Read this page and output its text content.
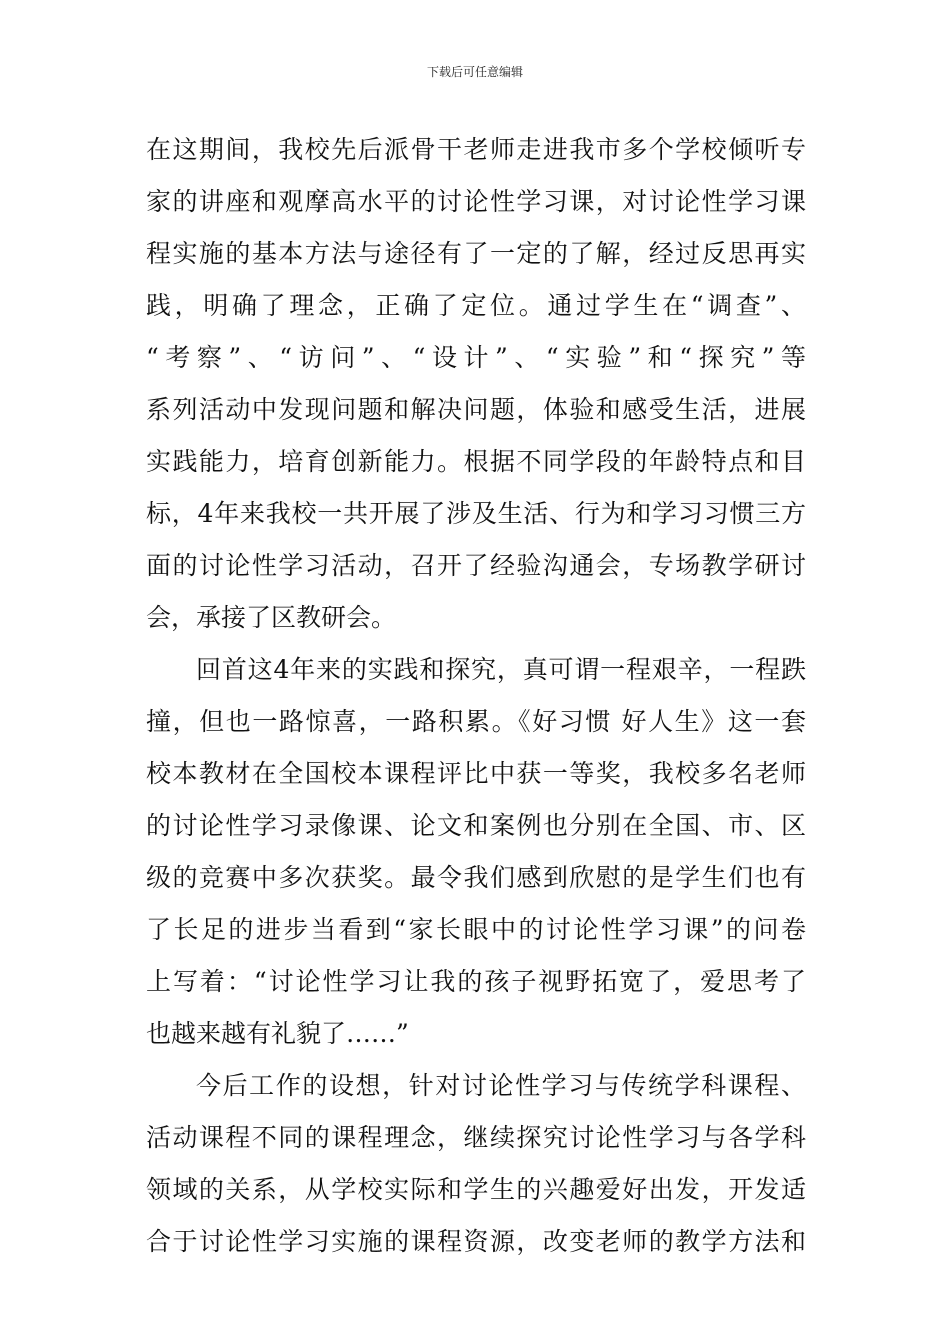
下载后可任意编辑
在这期间，我校先后派骨干老师走进我市多个学校倾听专
家的讲座和观摩高水平的讨论性学习课，对讨论性学习课
程实施的基本方法与途径有了一定的了解，经过反思再实
践，明确了理念，正确了定位。通过学生在“调查”、
“考察”、“访问”、“设计”、“实验”和“探究”等
系列活动中发现问题和解决问题，体验和感受生活，进展
实践能力，培育创新能力。根据不同学段的年龄特点和目
标，4年来我校一共开展了涉及生活、行为和学习习惯三方
面的讨论性学习活动，召开了经验沟通会，专场教学研讨
会，承接了区教研会。
回首这4年来的实践和探究，真可谓一程艰辛，一程跌
撞，但也一路惊喜，一路积累。《好习惯 好人生》这一套
校本教材在全国校本课程评比中获一等奖，我校多名老师
的讨论性学习录像课、论文和案例也分别在全国、市、区
级的竞赛中多次获奖。最令我们感到欣慰的是学生们也有
了长足的进步当看到“家长眼中的讨论性学习课”的问卷
上写着：“讨论性学习让我的孩子视野拓宽了，爱思考了
也越来越有礼貌了……”
今后工作的设想，针对讨论性学习与传统学科课程、
活动课程不同的课程理念，继续探究讨论性学习与各学科
领域的关系，从学校实际和学生的兴趣爱好出发，开发适
合于讨论性学习实施的课程资源，改变老师的教学方法和
